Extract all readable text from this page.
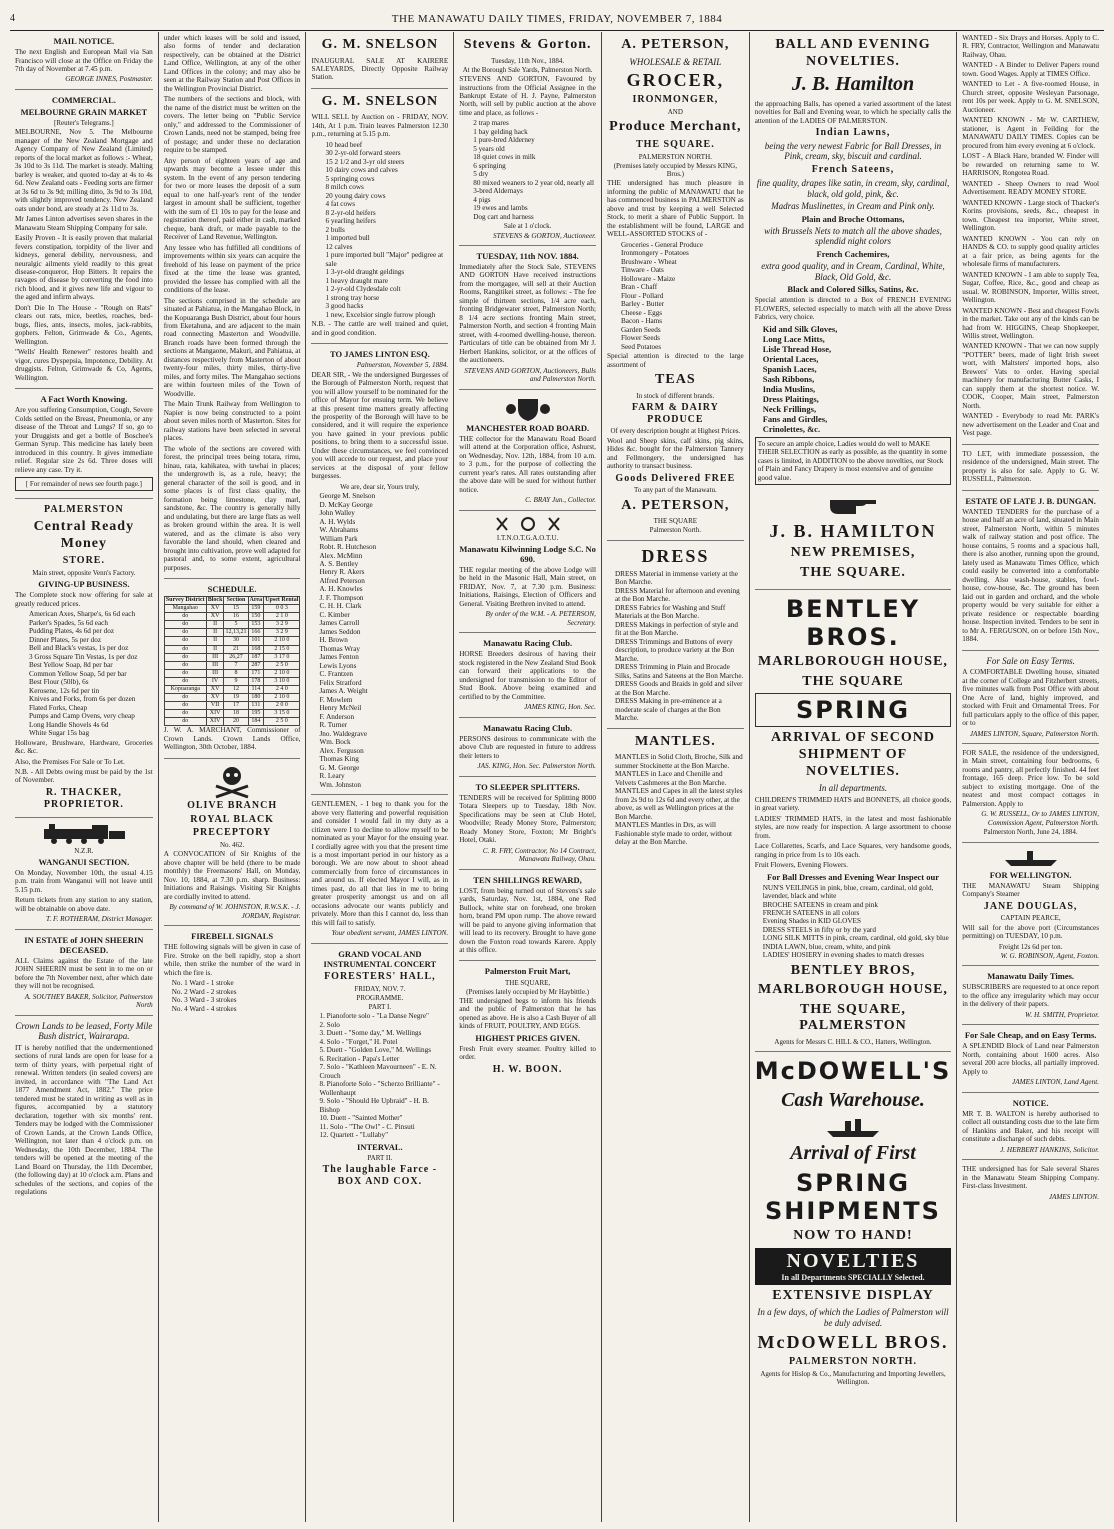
4	THE MANAWATU DAILY TIMES, FRIDAY, NOVEMBER 7, 1884
MAIL NOTICE.

The next English and European Mail via San Francisco will close at the Office on Friday the 7th day of November at 7.45 p.m.

GEORGE INNES, Postmaster.
COMMERCIAL.
MELBOURNE GRAIN MARKET
[Reuter's Telegrams.]

MELBOURNE, Nov 5. The Melbourne manager of the New Zealand Mortgage and Agency Company of New Zealand (Limited) reports of the local market as follows :- Wheat, 3s 10d to 3s 11d. The market is steady. Malting barley is weaker, and quoted to-day at 4s to 4s 6d. New Zealand oats - Feeding sorts are firmer at 3s 6d to 3s 9d; milling ditto, 3s 9d to 3s 10d, with slightly improved tendency. New Zealand oats under bond, are steady at 2s 11d to 3s.

Mr James Linton advertises seven shares in the Manawatu Steam Shipping Company for sale.

Easily Proven - It is easily proven that malarial fevers constipation, torpidity of the liver and kidneys, general debility, nervousness, and neuralgic ailments yield readily to this great disease-conqueror, Hop Bitters. It repairs the ravages of disease by converting the food into rich blood, and it gives new life and vigour to the aged and infirm always.

Don't Die In The House - "Rough on Rats" clears out rats, mice, beetles, roaches, bed-bugs, flies, ants, insects, moles, jack-rabbits, gophers. Felton, Grimwade & Co., Agents, Wellington.

"Wells' Health Renewer" restores health and vigor, cures Dyspepsia, Impotence, Debility. At druggists. Felton, Grimwade & Co, Agents, Wellington.

A Fact Worth Knowing.

Are you suffering Consumption, Cough, Severe Colds settled on the Breast, Pneumonia, or any disease of the Throat and Lungs? If so, go to your Druggists and get a bottle of Boschee's German Syrup. This medicine has lately been introduced in this country. It gives immediate relief. Regular size 2s 6d. Three doses will relieve any case. Try it.

[ For remainder of news see fourth page.]
PALMERSTON
Central Ready Money
STORE.
Main street, opposite Venn's Factory.
GIVING-UP BUSINESS.

The Complete stock now offering for sale at greatly reduced prices.

American Axes, Sharpe's, 6s 6d each
Parker's Spades, 5s 6d each
Pudding Plates, 4s 6d per doz
Dinner Plates, 5s per doz
Bell and Black's vestas, 1s per doz
3 Gross Square Tin Vestas, 1s per doz
Best Yellow Soap, 8d per bar
Common Yellow Soap, 5d per bar
Best Flour (50lb), 6s
Kerosene, 12s 6d per tin
Knives and Forks, from 6s per dozen
Flated Forks, Cheap
Pumps and Camp Ovens, very cheap
Long Handle Shovels 4s 6d
White Sugar 15s bag

Holloware, Brushware, Hardware, Groceries &c. &c.

Also, the Premises For Sale or To Let.

N.B. - All Debts owing must be paid by the 1st of November.

R. THACKER, PROPRIETOR.
N.Z.R.
WANGANUI SECTION.

On Monday, November 10th, the usual 4.15 p.m. train from Wanganui will not leave until 5.15 p.m.

Return tickets from any station to any station, will be obtainable on above date.

T. F. ROTHERAM, District Manager.
IN ESTATE of JOHN SHEERIN DECEASED.

ALL Claims against the Estate of the late JOHN SHEERIN must be sent in to me on or before the 7th November next, after which date they will not be recognised.

A. SOUTHEY BAKER, Solicitor, Palmerston North
Crown Lands to be leased, Forty Mile Bush district, Wairarapa.

IT is hereby notified that the undermentioned sections of rural lands are open for lease for a term of thirty years, with perpetual right of renewal. Written tenders (in sealed covers) are invited, in accordance with "The Land Act 1877 Amendment Act, 1882." The price tendered must be stated in writing as well as in figures, accompanied by a statutory declaration, together with six months' rent. Tenders may be lodged with the Commissioner of Crown Lands, at the Crown Lands Office, Wellington, not later than 4 o'clock p.m. on Wednesday, the 10th December, 1884. The tenders will be opened at the meeting of the Land Board on Thursday, the 11th December, (the following day) at 10 o'clock a.m. Plans and schedules of the sections, and copies of the regulations

under which leases will be sold and issued, also forms of tender and declaration respectively, can be obtained at the District Land Office, Wellington, at any of the other Land Offices in the colony; and may also be seen at the Railway Station and Post Offices in the Wellington Provincial District.

The numbers of the sections and block, with the name of the district must be written on the covers. The letter being on "Public Service only," and addressed to the Commissioner of Crown Lands, need not be stamped, being free of postage; and under these no declaration require to be stamped.

Any person of eighteen years of age and upwards may become a lessee under this system. In the event of any person tendering for two or more leases the deposit of a sum equal to one half-year's rent of the tender largest in amount shall be sufficient, together with the sum of £1 10s to pay for the lease and registration thereof, paid either in cash, marked cheque, bank draft, or made payable to the Receiver of Land Revenue, Wellington.

Any lessee who has fulfilled all conditions of improvements within six years can acquire the freehold of his lease on payment of the price fixed at the time the lease was granted, provided the lessee has complied with all the conditions of the lease.

The sections comprised in the schedule are situated at Pahiatua, in the Mangahao Block, in the Kopuaranga Bush District, about four hours from Eketahuna, and are adjacent to the main road connecting Masterton and Woodville. Branch roads have been formed through the sections at Mangaone, Makuri, and Pahiatua, at distances respectively from Masterton of about twenty-four miles, thirty miles, thirty-five miles, and forty miles. The Mangahao sections are within fourteen miles of the Town of Woodville.

The Main Trunk Railway from Wellington to Napier is now being constructed to a point about seven miles north of Masterton. Sites for railway stations have been selected in several places.

The whole of the sections are covered with forest, the principal trees being totara, rimu, hinau, rata, kahikatea, with tawhai in places; the undergrowth is, as a rule, heavy; the general character of the soil is good, and in some places is of first class quality, the formation being limestone, clay marl, sandstone, &c. The country is generally hilly and undulating, but there are large flats as well as broken ground within the area. It is well watered, and as the climate is also very favorable the land should, when cleared and brought into cultivation, prove well adapted for pastoral and, to some extent, agricultural purposes.

SCHEDULE.
Survey District	Block	Section	Area	Upset Rental
Mangahao	XV	15	159	0 0 3
do	XV	16	150	2 1 0
do	II	5	153	3 2 9
do	II	12,13,21	166	3 2 9
do	II	30	101	2 10 0
do	II	21	168	2 15 0
do	III	26,27	187	3 17 0
do	III	7	287	2 5 0
do	III	8	171	2 10 0
do	IV	9	178	3 10 0
Kopuaranga	XV	12	114	2 4 0
do	XV	19	180	2 10 0
do	VII	17	131	2 0 0
do	XIV	18	195	3 15 0
do	XIV	20	184	2 5 0

J. W. A. MARCHANT, Commissioner of Crown Lands. Crown Lands Office, Wellington, 30th October, 1884.

OLIVE BRANCH
ROYAL BLACK
PRECEPTORY
No. 462.

A CONVOCATION of Sir Knights of the above chapter will be held (there to be made monthly) the Freemasons' Hall, on Monday, Nov. 10, 1884, at 7.30 p.m. sharp. Business: Initiations and Raisings. Visiting Sir Knights are cordially invited to attend.

By command of W. JOHNSTON, R.W.S.K. - J. JORDAN, Registrar.
FIREBELL SIGNALS

THE following signals will be given in case of Fire. Stroke on the bell rapidly, stop a short while, then strike the number of the ward in which the fire is.

No. 1 Ward - 1 stroke
No. 2 Ward - 2 strokes
No. 3 Ward - 3 strokes
No. 4 Ward - 4 strokes
G. M. SNELSON

INAUGURAL SALE AT KAIRERE SALEYARDS, Directly Opposite Railway Station.

G. M. SNELSON

WILL SELL by Auction on - FRIDAY, NOV. 14th, At 1 p.m. Train leaves Palmerston 12.30 p.m., returning at 5.15 p.m.

10 head beef
30 2-yr-old forward steers
15 2 1/2 and 3-yr old steers
10 dairy cows and calves
5 springing cows
8 milch cows
20 young dairy cows
4 fat cows
8 2-yr-old heifers
6 yearling heifers
2 bulls
1 imported bull
12 calves
1 pure imported bull "Major" pedigree at sale
1 3-yr-old draught geldings
1 heavy draught mare
1 2-yr-old Clydesdale colt
1 strong tray horse
3 good hacks
1 new, Excelsior single furrow plough

N.B. - The cattle are well trained and quiet, and in good condition.

TO JAMES LINTON ESQ.
Palmerston, November 5, 1884.

DEAR SIR, - We the undersigned Burgesses of the Borough of Palmerston North, request that you will allow yourself to be nominated for the office of Mayor for ensuing term. We believe at this present time matters greatly affecting the prosperity of the Borough will have to be considered, and it will require the experience you have gained in your previous public positions, to bring them to a successful issue. Under these circumstances, we feel convinced you will accede to our request, and place your services at the disposal of your fellow burgesses.

We are, dear sir, Yours truly,
George M. Snelson
D. McKay George
John Walley
A. H. Wylds
W. Abrahams
William Park
Robt. R. Hutcheson
Alex. McMinn
A. S. Bentley
Henry R. Akers
Alfred Peterson
A. H. Knowles
J. F. Thompson
C. H. H. Clark
C. Kimber
James Carroll
James Seddon
H. Brown
Thomas Wray
James Fenton
Lewis Lyons
C. Frantzen
Felix Stratford
James A. Weight
F. Mowlem
Henry McNeil
F. Anderson
R. Turner
Jno. Waldegrave
Wm. Bock
Alex. Ferguson
Thomas King
G. M. George
R. Leary
Wm. Johnston

GENTLEMEN, - I beg to thank you for the above very flattering and powerful requisition and consider I would fail in my duty as a citizen were I to decline to allow myself to be nominated as your Mayor for the ensuing year. I cordially agree with you that the present time is a most important period in our history as a borough. We are now about to shoot ahead commercially from force of circumstances in and around us. If elected Mayor I will, as in times past, do all that lies in me to bring greater prosperity amongst us and on all occasions advocate our wants publicly and privately. More than this I cannot do, less than this will fail to satisfy.

Your obedient servant, JAMES LINTON.
GRAND VOCAL AND INSTRUMENTAL CONCERT
FORESTERS' HALL,
FRIDAY, NOV. 7.
PROGRAMME.
PART I.
1. Pianoforte solo - "La Danse Negre"
2. Solo
3. Duett - "Some day," M. Wellings
4. Solo - "Forget," H. Potel
5. Duett - "Golden Love," M. Wellings
6. Recitation - Papa's Letter
7. Solo - "Kathleen Mavourneen" - E. N. Crouch
8. Pianoforte Solo - "Scherzo Brilliante" - Wollenhaupt
9. Solo - "Should He Upbraid" - H. B. Bishop
10. Duett - "Sainted Mother"
11. Solo - "The Owl" - C. Pinsuti
12. Quartett - "Lullaby"
INTERVAL.
PART II.
The laughable Farce - BOX AND COX.
Stevens & Gorton.
Tuesday, 11th Nov., 1884.
At the Borough Sale Yards, Palmerston North.

STEVENS AND GORTON, Favoured by instructions from the Official Assignee in the Bankrupt Estate of H. J. Payne, Palmerston North, will sell by public auction at the above time and place, as follows -

2 trap mares
1 bay gelding hack
1 pure-bred Alderney
5 years old
18 quiet cows in milk
6 springing
5 dry
80 mixed weaners to 2 year old, nearly all 3-bred Aldernays
4 pigs
19 ewes and lambs
Dog cart and harness
Sale at 1 o'clock.
STEVENS & GORTON, Auctioneer.
TUESDAY, 11th NOV. 1884.

Immediately after the Stock Sale, STEVENS AND GORTON Have received instructions from the mortgagee, will sell at their Auction Rooms, Rangitikei street, as follows: - The fee simple of thirteen sections, 1/4 acre each, fronting Bridgewater street, Palmerston North; 8 1/4 acre sections fronting Main street, Palmerston North, and section 4 fronting Main street, with 4-roomed dwelling-house, thereon. Particulars of title can be obtained from Mr J. Herbert Hankins, solicitor, or at the offices of the auctioneers.

STEVENS AND GORTON, Auctioneers, Bulls and Palmerston North.
MANCHESTER ROAD BOARD.

THE collector for the Manawatu Road Board will attend at the Corporation office, Ashurst, on Wednesday, Nov. 12th, 1884, from 10 a.m. to 3 p.m., for the purpose of collecting the current year's rates. All rates outstanding after the above date will be sued for without further notice.

C. BRAY Jun., Collector.
I.T.N.O.T.G.A.O.T.U.
Manawatu Kilwinning Lodge S.C. No 690.

THE regular meeting of the above Lodge will be held in the Masonic Hall, Main street, on FRIDAY, Nov. 7, at 7.30 p.m. Business: Initiations, Raisings, Election of Officers and General. Visiting Brethren invited to attend.

By order of the W.M. - A. PETERSON, Secretary.
Manawatu Racing Club.

HORSE Breeders desirous of having their stock registered in the New Zealand Stud Book can forward their applications to the undersigned for transmission to the Editor of Stud Book. Above being examined and certified to by the Committee.

JAMES KING, Hon. Sec.
Manawatu Racing Club.

PERSONS desirous to communicate with the above Club are requested in future to address their letters to

JAS. KING, Hon. Sec. Palmerston North.
TO SLEEPER SPLITTERS.

TENDERS will be received for Splitting 8000 Totara Sleepers up to Tuesday, 18th Nov. Specifications may be seen at Club Hotel, Woodville; Ready Money Store, Palmerston; Ready Money Store, Foxton; Mr Bright's Hotel, Otaki.

C. R. FRY, Contractor, No 14 Contract, Manawatu Railway, Ohau.
TEN SHILLINGS REWARD,

LOST, from being turned out of Stevens's sale yards, Saturday, Nov. 1st, 1884, one Red Bullock, white star on forehead, one broken horn, brand PM upon rump. The above reward will be paid to anyone giving information that will lead to its recovery. Brought to have gone down the Foxton road towards Karere. Apply at this office.

Palmerston Fruit Mart,
THE SQUARE,
(Premises lately occupied by Mr Haybittle.)

THE undersigned begs to inform his friends and the public of Palmerston that he has opened as above. He is also a Cash Buyer of all kinds of FRUIT, POULTRY, AND EGGS.

HIGHEST PRICES GIVEN.

Fresh Fruit every steamer. Poultry killed to order.

H. W. BOON.
A. PETERSON,
WHOLESALE & RETAIL
GROCER,
IRONMONGER,
AND
Produce Merchant,
THE SQUARE.
PALMERSTON NORTH.
(Premises lately occupied by Messrs KING, Bros.)

THE undersigned has much pleasure in informing the public of MANAWATU that he has commenced business in PALMERSTON as above and trust by keeping a well Selected Stock, to merit a share of Public Support. In the establishment will be found, LARGE and WELL-ASSORTED STOCKS of -

Groceries - General Produce
Ironmongery - Potatoes
Brushware - Wheat
Tinware - Oats
Holloware - Maize
Bran - Chaff
Flour - Pollard
Barley - Butter
Cheese - Eggs
Bacon - Hams
Garden Seeds
Flower Seeds
Seed Potatoes

Special attention is directed to the large assortment of

TEAS
In stock of different brands.
FARM & DAIRY PRODUCE
Of every description bought at Highest Prices.

Wool and Sheep skins, calf skins, pig skins, Hides &c. bought for the Palmerston Tannery and Fellmongery, the undersigned has authority to transact business.

Goods Delivered FREE
To any part of the Manawatu.
A. PETERSON,
THE SQUARE
Palmerston North.
DRESS
DRESS Material in immense variety at the Bon Marche.
DRESS Material for afternoon and evening at the Bon Marche.
DRESS Fabrics for Washing and Stuff Materials at the Bon Marche.
DRESS Makings in perfection of style and fit at the Bon Marche.
DRESS Trimmings and Buttons of every description, to produce variety at the Bon Marche.
DRESS Trimming in Plain and Brocade Silks, Satins and Sateens at the Bon Marche.
DRESS Goods and Braids in gold and silver at the Bon Marche.
DRESS Making in pre-eminence at a moderate scale of charges at the Bon Marche.
MANTLES.
MANTLES in Solid Cloth, Broche, Silk and summer Stockinette at the Bon Marche.
MANTLES in Lace and Chenille and Velvets Cashmeres at the Bon Marche.
MANTLES and Capes in all the latest styles from 2s 9d to 12s 6d and every other, at the above, as well as Wellington prices at the Bon Marche.
MANTLES Mantles in Drs, as will Fashionable style made to order, without delay at the Bon Marche.
BALL AND EVENING NOVELTIES.
J. B. Hamilton

the approaching Balls, has opened a varied assortment of the latest novelties for Ball and Evening wear, to which he specially calls the attention of the LADIES OF PALMERSTON.

Indian Lawns,
being the very newest Fabric for Ball Dresses, in Pink, cream, sky, biscuit and cardinal.
French Sateens,
fine quality, drapes like satin, in cream, sky, cardinal, black, old gold, pink, &c.
Madras Muslinettes, in Cream and Pink only.
Plain and Broche Ottomans,
with Brussels Nets to match all the above shades, splendid night colors
French Cachemires,
extra good quality, and in Cream, Cardinal, White, Black, Old Gold, &c.
Black and Colored Silks, Satins, &c.

Special attention is directed to a Box of FRENCH EVENING FLOWERS, selected especially to match with all the above Dress Fabrics, very choice.

Kid and Silk Gloves,
Long Lace Mitts,
Lisle Thread Hose,
Oriental Laces,
Spanish Laces,
Sash Ribbons,
India Muslins,
Dress Plaitings,
Neck Frillings,
Fans and Girdles,
Crinolettes, &c.
To secure an ample choice, Ladies would do well to MAKE THEIR SELECTION as early as possible, as the quantity in some cases is limited, in ADDITION to the above novelties, our Stock of Plain and Fancy Drapery is most extensive and of genuine good value.
J. B. HAMILTON
NEW PREMISES,
THE SQUARE.
BENTLEY BROS.
MARLBOROUGH HOUSE,
THE SQUARE
SPRING
ARRIVAL OF SECOND SHIPMENT OF NOVELTIES.
In all departments.

CHILDREN'S TRIMMED HATS and BONNETS, all choice goods, in great variety.

LADIES' TRIMMED HATS, in the latest and most fashionable styles, are now ready for inspection. A large assortment to choose from.

Lace Collarettes, Scarfs, and Lace Squares, very handsome goods, ranging in price from 1s to 10s each.

Fruit Flowers, Evening Flowers.

For Ball Dresses and Evening Wear Inspect our
NUN'S VEILINGS in pink, blue, cream, cardinal, old gold, lavender, black and white
BROCHE SATEENS in cream and pink
FRENCH SATEENS in all colors
Evening Shades in KID GLOVES
DRESS STEELS in fifty or by the yard
LONG SILK MITTS in pink, cream, cardinal, old gold, sky blue
INDIA LAWN, blue, cream, white, and pink
LADIES' HOSIERY in evening shades to match dresses
BENTLEY BROS,
MARLBOROUGH HOUSE,
THE SQUARE, PALMERSTON
Agents for Messrs C. HILL & CO., Hatters, Wellington.
McDOWELL'S
Cash Warehouse.
Arrival of First
SPRING SHIPMENTS
NOW TO HAND!
NOVELTIES
In all Departments SPECIALLY Selected.
EXTENSIVE DISPLAY
In a few days, of which the Ladies of Palmerston will be duly advised.
McDOWELL BROS.
PALMERSTON NORTH.
Agents for Hislop & Co., Manufacturing and Importing Jewellers, Wellington.

WANTED - Six Drays and Horses. Apply to C. R. FRY, Contractor, Wellington and Manawatu Railway, Ohau.

WANTED - A Binder to Deliver Papers round town. Good Wages. Apply at TIMES Office.

WANTED to Let - A five-roomed House, in Church street, opposite Wesleyan Parsonage, rent 10s per week. Apply to G. M. SNELSON, Auctioneer.

WANTED KNOWN - Mr W. CARTHEW, stationer, is Agent in Feilding for the MANAWATU DAILY TIMES. Copies can be procured from him every evening at 6 o'clock.

LOST - A Black Hare, branded W. Finder will be rewarded on returning same to W. HARRISON, Rongotea Road.

WANTED - Sheep Owners to read Wool Advertisement. READY MONEY STORE.

WANTED KNOWN - Large stock of Thacker's Korins provisions, seeds, &c., cheapest in town. Cheapest tea importer, White street, Wellington.

WANTED KNOWN - You can rely on HANDS & CO. to supply good quality articles at a fair price, as being agents for the wholesale firms of manufacturers.

WANTED KNOWN - I am able to supply Tea, Sugar, Coffee, Rice, &c., good and cheap as usual. W. ROBINSON, Importer, Willis street, Wellington.

WANTED KNOWN - Best and cheapest Fowls in the market. Take out any of the kinds can be had from W. HIGGINS, Cheap Shopkeeper, Willis street, Wellington.

WANTED KNOWN - That we can now supply "POTTER" beers, made of light Irish sweet wort, with Maltsters' imported hops, also Brewers' Vats to order. Having special machinery for manufacturing Butter Casks, I can supply them at the shortest notice. W. COOK, Cooper, Main street, Palmerston North.

WANTED - Everybody to read Mr. PARK's new advertisement on the Leader and Coat and Vest page.

TO LET, with immediate possession, the residence of the undersigned, Main street. The property is also for sale. Apply to G. W. RUSSELL, Palmerston.

ESTATE OF LATE J. B. DUNGAN.

WANTED TENDERS for the purchase of a house and half an acre of land, situated in Main street, Palmerston North, within 5 minutes walk of railway station and post office. The house contains, 5 rooms and a spacious hall, there is also another, running upon the ground, lately used as Manawatu Times Office, which could easily be converted into a comfortable dwelling. Also wash-house, stables, fowl-house, cow-house, &c. The ground has been laid out in garden and orchard, and the whole property would be very suitable for either a private residence or respectable boarding house. Inspection invited. Tenders to be sent in to Mr A. FERGUSON, on or before 15th Nov., 1884.

For Sale on Easy Terms.

A COMFORTABLE Dwelling house, situated at the corner of College and Fitzherbert streets, five minutes walk from Post Office with about One Acre of land, highly improved, and stocked with Fruit and Ornamental Trees. For full particulars apply to the office of this paper, or to

JAMES LINTON, Square, Palmerston North.

FOR SALE, the residence of the undersigned, in Main street, containing four bedrooms, 6 rooms and pantry, all perfectly finished. 44 feet frontage, 165 deep. Price low. To be sold subject to existing mortgage. One of the neatest and most compact cottages in Palmerston. Apply to

G. W. RUSSELL, Or to JAMES LINTON, Commission Agent, Palmerston North.
Palmerston North, June 24, 1884.
FOR WELLINGTON.

THE MANAWATU Steam Shipping Company's Steamer

JANE DOUGLAS,
CAPTAIN PEARCE,

Will sail for the above port (Circumstances permitting) on TUESDAY, 10 p.m.

Freight 12s 6d per ton.
W. G. ROBINSON, Agent, Foxton.
Manawatu Daily Times.

SUBSCRIBERS are requested to at once report to the office any irregularity which may occur in the delivery of their papers.

W. H. SMITH, Proprietor.
For Sale Cheap, and on Easy Terms.

A SPLENDID Block of Land near Palmerston North, containing about 1600 acres. Also several 200 acre blocks, all partially improved. Apply to

JAMES LINTON, Land Agent.
NOTICE.

MR T. B. WALTON is hereby authorised to collect all outstanding costs due to the late firm of Hankins and Baker, and his receipt will constitute a discharge of such debts.

J. HERBERT HANKINS, Solicitor.

THE undersigned has for Sale several Shares in the Manawatu Steam Shipping Company. First-class Investment.

JAMES LINTON.
